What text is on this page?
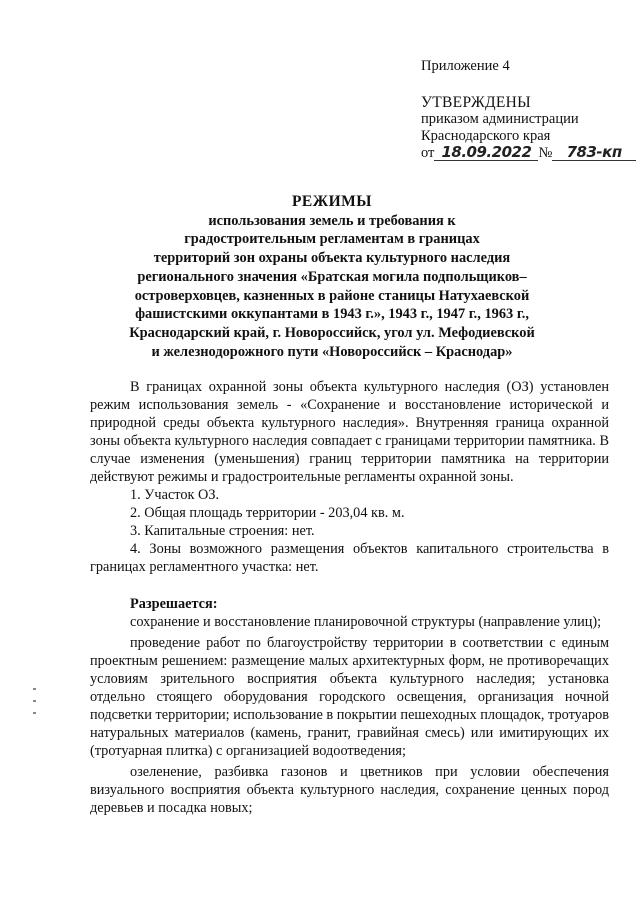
Приложение 4
УТВЕРЖДЕНЫ
приказом администрации
Краснодарского края
от 18.09.2022 № 783-кп
РЕЖИМЫ
использования земель и требования к
градостроительным регламентам в границах
территорий зон охраны объекта культурного наследия
регионального значения «Братская могила подпольщиков–
островерховцев, казненных в районе станицы Натухаевской
фашистскими оккупантами в 1943 г.», 1943 г., 1947 г., 1963 г.,
Краснодарский край, г. Новороссийск, угол ул. Мефодиевской
и железнодорожного пути «Новороссийск – Краснодар»

В границах охранной зоны объекта культурного наследия (ОЗ) установлен режим использования земель - «Сохранение и восстановление исторической и природной среды объекта культурного наследия». Внутренняя граница охранной зоны объекта культурного наследия совпадает с границами территории памятника. В случае изменения (уменьшения) границ территории памятника на территории действуют режимы и градостроительные регламенты охранной зоны.

1. Участок ОЗ.

2. Общая площадь территории - 203,04 кв. м.

3. Капитальные строения: нет.

4. Зоны возможного размещения объектов капитального строительства в границах регламентного участка: нет.

Разрешается:

сохранение и восстановление планировочной структуры (направление улиц);

проведение работ по благоустройству территории в соответствии с единым проектным решением: размещение малых архитектурных форм, не противоречащих условиям зрительного восприятия объекта культурного наследия; установка отдельно стоящего оборудования городского освещения, организация ночной подсветки территории; использование в покрытии пешеходных площадок, тротуаров натуральных материалов (камень, гранит, гравийная смесь) или имитирующих их (тротуарная плитка) с организацией водоотведения;

озеленение, разбивка газонов и цветников при условии обеспечения визуального восприятия объекта культурного наследия, сохранение ценных пород деревьев и посадка новых;
